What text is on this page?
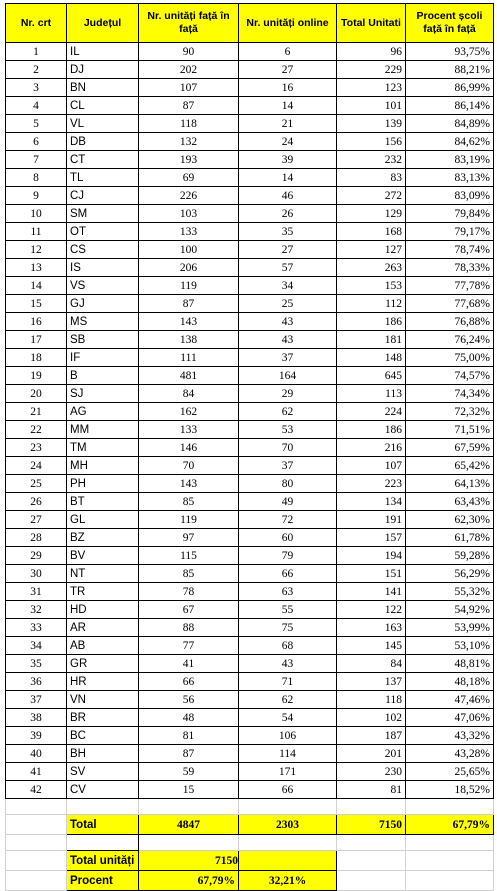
Nr. crt	Județul	Nr. unități față în față	Nr. unități online	Total Unitati	Procent școli față în față
1	IL	90	6	96	93,75%
2	DJ	202	27	229	88,21%
3	BN	107	16	123	86,99%
4	CL	87	14	101	86,14%
5	VL	118	21	139	84,89%
6	DB	132	24	156	84,62%
7	CT	193	39	232	83,19%
8	TL	69	14	83	83,13%
9	CJ	226	46	272	83,09%
10	SM	103	26	129	79,84%
11	OT	133	35	168	79,17%
12	CS	100	27	127	78,74%
13	IS	206	57	263	78,33%
14	VS	119	34	153	77,78%
15	GJ	87	25	112	77,68%
16	MS	143	43	186	76,88%
17	SB	138	43	181	76,24%
18	IF	111	37	148	75,00%
19	B	481	164	645	74,57%
20	SJ	84	29	113	74,34%
21	AG	162	62	224	72,32%
22	MM	133	53	186	71,51%
23	TM	146	70	216	67,59%
24	MH	70	37	107	65,42%
25	PH	143	80	223	64,13%
26	BT	85	49	134	63,43%
27	GL	119	72	191	62,30%
28	BZ	97	60	157	61,78%
29	BV	115	79	194	59,28%
30	NT	85	66	151	56,29%
31	TR	78	63	141	55,32%
32	HD	67	55	122	54,92%
33	AR	88	75	163	53,99%
34	AB	77	68	145	53,10%
35	GR	41	43	84	48,81%
36	HR	66	71	137	48,18%
37	VN	56	62	118	47,46%
38	BR	48	54	102	47,06%
39	BC	81	106	187	43,32%
40	BH	87	114	201	43,28%
41	SV	59	171	230	25,65%
42	CV	15	66	81	18,52%

	Total	4847	2303	7150	67,79%

	Total unități	7150			
	Procent	67,79%	32,21%		
